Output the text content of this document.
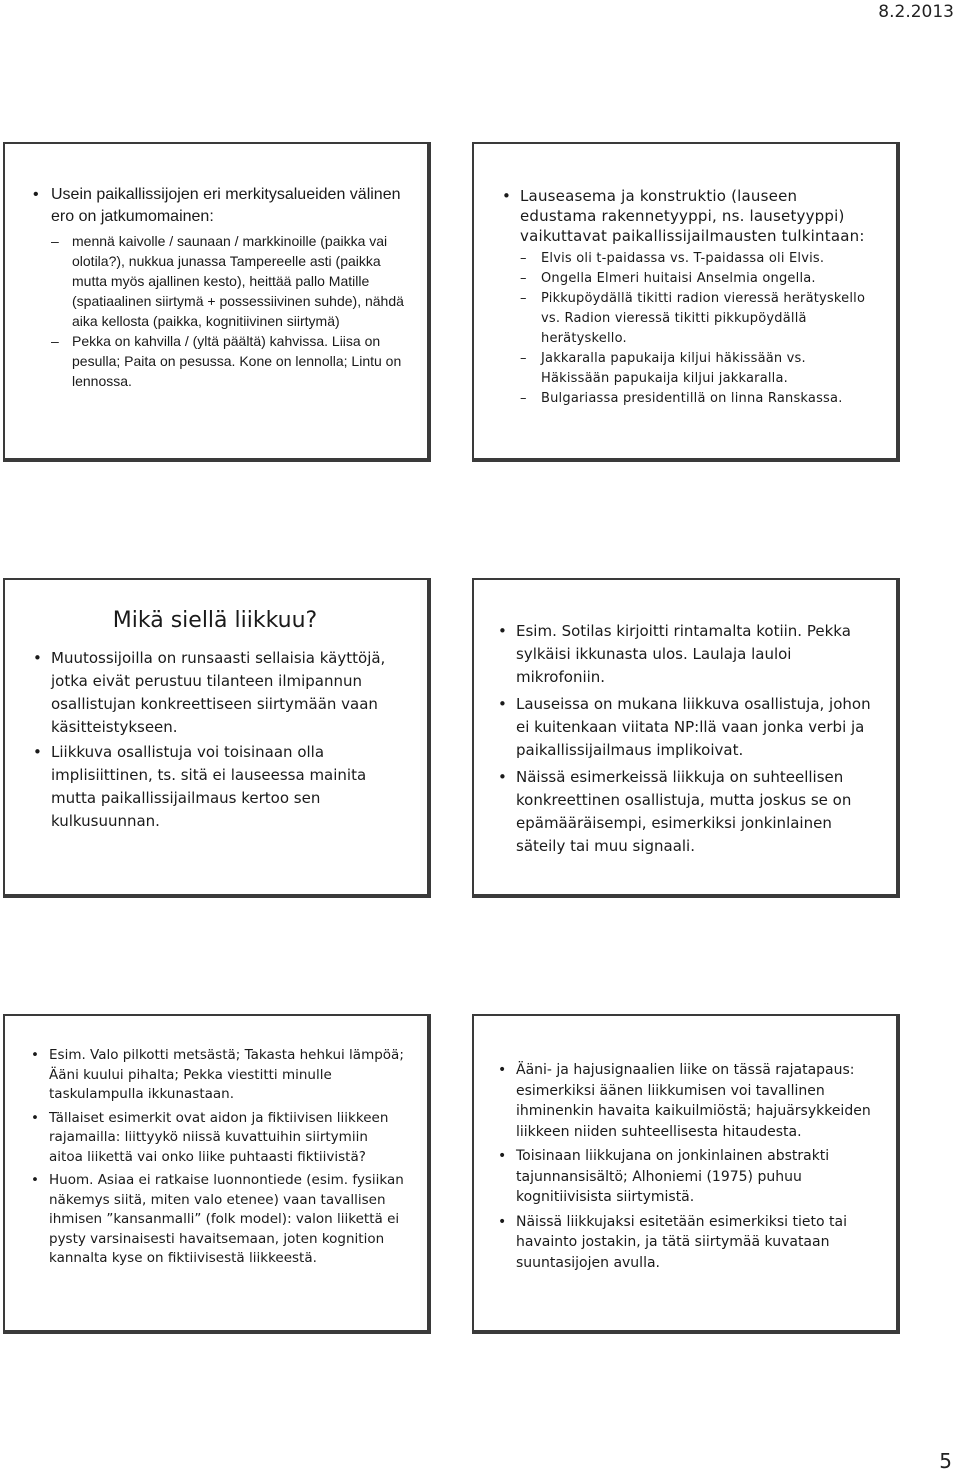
8.2.2013
• Usein paikallissijojen eri merkitysalueiden välinen ero on jatkumomainen:
– mennä kaivolle / saunaan / markkinoille (paikka vai olotila?), nukkua junassa Tampereelle asti (paikka mutta myös ajallinen kesto), heittää pallo Matille (spatiaalinen siirtymä + possessiivinen suhde), nähdä aika kellosta (paikka, kognitiivinen siirtymä)
– Pekka on kahvilla / (yltä päältä) kahvissa. Liisa on pesulla; Paita on pesussa. Kone on lennolla; Lintu on lennossa.
• Lauseasema ja konstruktio (lauseen edustama rakennetyyppi, ns. lausetyyppi) vaikuttavat paikallissijailmausten tulkintaan:
– Elvis oli t-paidassa vs. T-paidassa oli Elvis.
– Ongella Elmeri huitaisi Anselmia ongella.
– Pikkupöydällä tikitti radion vieressä herätyskello vs. Radion vieressä tikitti pikkupöydällä herätyskello.
– Jakkaralla papukaija kiljui häkissään vs. Häkissään papukaija kiljui jakkaralla.
– Bulgariassa presidentillä on linna Ranskassa.
Mikä siellä liikkuu?
• Muutossijoilla on runsaasti sellaisia käyttöjä, jotka eivät perustuu tilanteen ilmipannun osallistujan konkreettiseen siirtymään vaan käsitteistykseen.
• Liikkuva osallistuja voi toisinaan olla implisiittinen, ts. sitä ei lauseessa mainita mutta paikallissijailmaus kertoo sen kulkusuunnan.
• Esim. Sotilas kirjoitti rintamalta kotiin. Pekka sylkäisi ikkunasta ulos. Laulaja lauloi mikrofoniin.
• Lauseissa on mukana liikkuva osallistuja, johon ei kuitenkaan viitata NP:llä vaan jonka verbi ja paikallissijailmaus implikoivat.
• Näissä esimerkeissä liikkuja on suhteellisen konkreettinen osallistuja, mutta joskus se on epämääräisempi, esimerkiksi jonkinlainen säteily tai muu signaali.
• Esim. Valo pilkotti metsästä; Takasta hehkui lämpöä; Ääni kuului pihalta; Pekka viestitti minulle taskulampulla ikkunastaan.
• Tällaiset esimerkit ovat aidon ja fiktiivisen liikkeen rajamailla: liittyykö niissä kuvattuihin siirtymiin aitoa liikettä vai onko liike puhtaasti fiktiivistä?
• Huom. Asiaa ei ratkaise luonnontiede (esim. fysiikan näkemys siitä, miten valo etenee) vaan tavallisen ihmisen ”kansanmalli” (folk model): valon liikettä ei pysty varsinaisesti havaitsemaan, joten kognition kannalta kyse on fiktiivisestä liikkeestä.
• Ääni- ja hajusignaalien liike on tässä rajatapaus: esimerkiksi äänen liikkumisen voi tavallinen ihminenkin havaita kaikuilmiöstä; hajuärsykkeiden liikkeen niiden suhteellisesta hitaudesta.
• Toisinaan liikkujana on jonkinlainen abstrakti tajunnansisältö; Alhoniemi (1975) puhuu kognitiivisista siirtymistä.
• Näissä liikkujaksi esitetään esimerkiksi tieto tai havainto jostakin, ja tätä siirtymää kuvataan suuntasijojen avulla.
5
